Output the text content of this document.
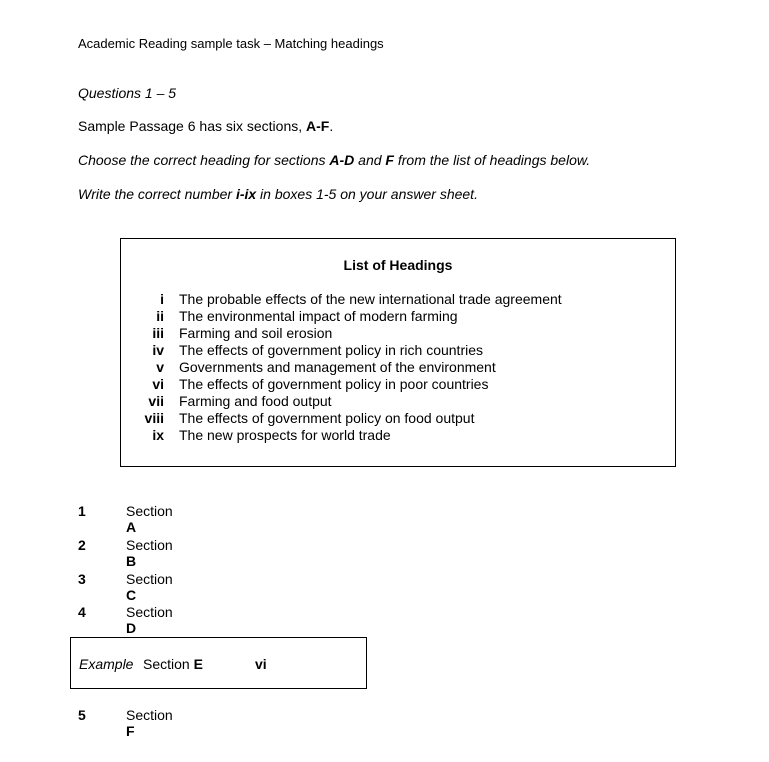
Academic Reading sample task – Matching headings
Questions 1 – 5
Sample Passage 6 has six sections, A-F.
Choose the correct heading for sections A-D and F from the list of headings below.
Write the correct number i-ix in boxes 1-5 on your answer sheet.
List of Headings
i The probable effects of the new international trade agreement
ii The environmental impact of modern farming
iii Farming and soil erosion
iv The effects of government policy in rich countries
v Governments and management of the environment
vi The effects of government policy in poor countries
vii Farming and food output
viii The effects of government policy on food output
ix The new prospects for world trade
1	Section A
2	Section B
3	Section C
4	Section D
Example Section E	vi
5	Section F
